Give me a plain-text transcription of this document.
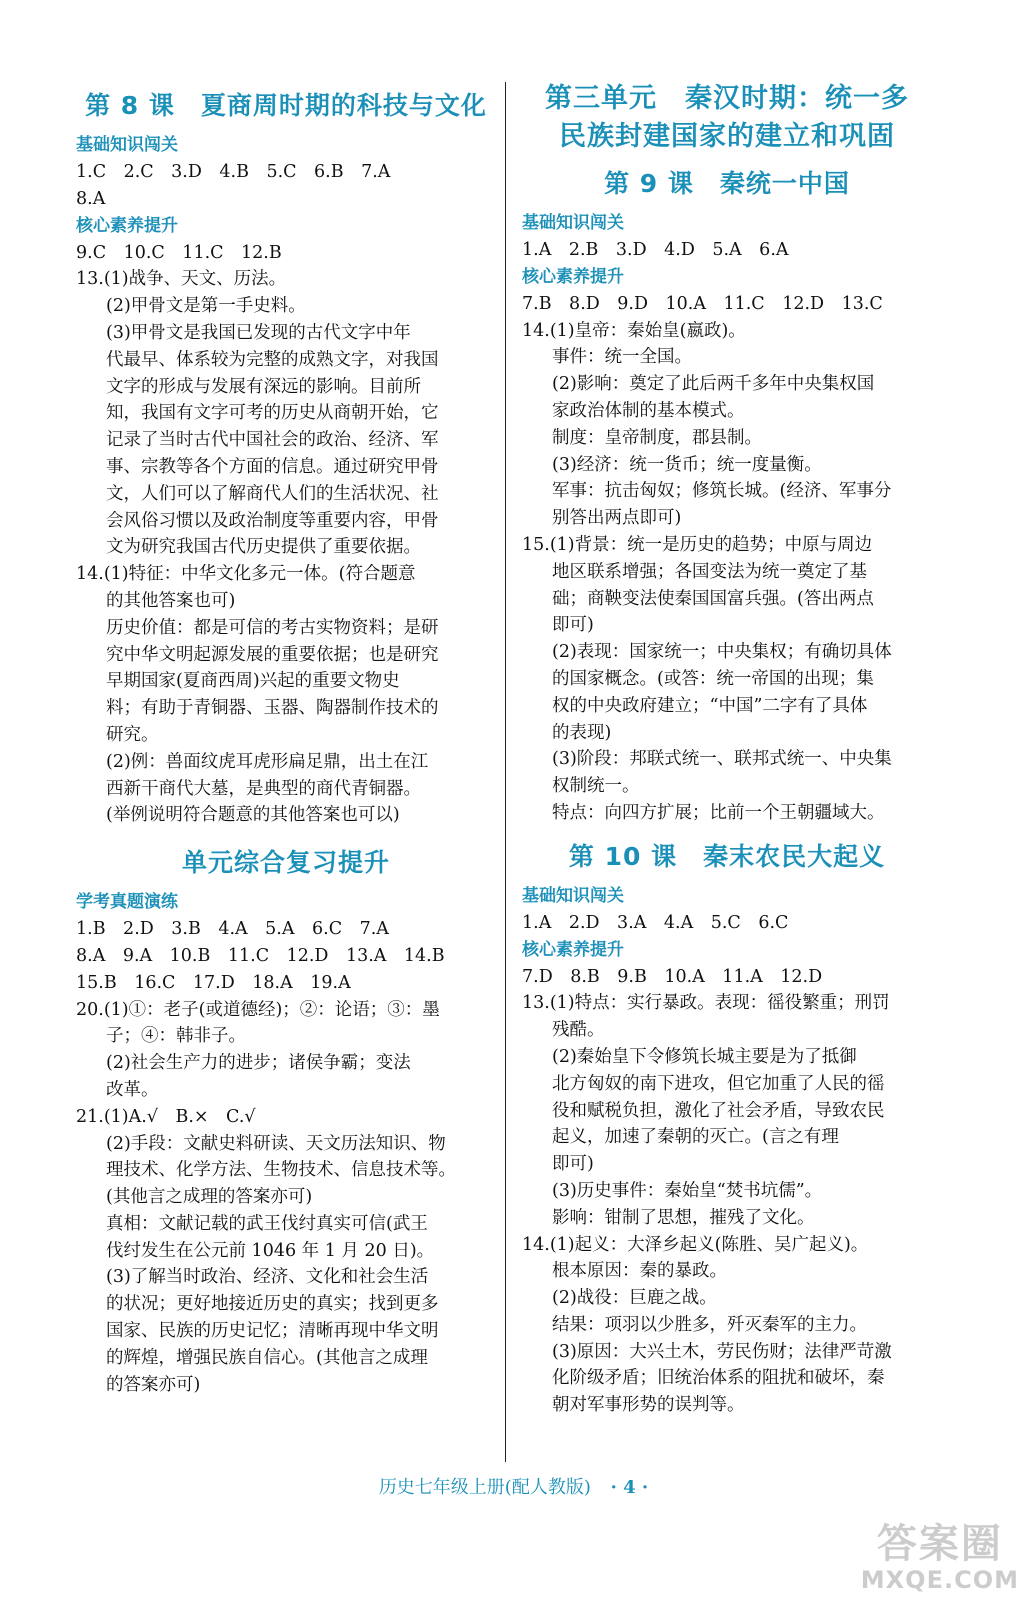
第 8 课　夏商周时期的科技与文化
基础知识闯关
1.C　2.C　3.D　4.B　5.C　6.B　7.A
8.A
核心素养提升
9.C　10.C　11.C　12.B
13.(1)战争、天文、历法。
(2)甲骨文是第一手史料。
(3)甲骨文是我国已发现的古代文字中年
代最早、体系较为完整的成熟文字，对我国
文字的形成与发展有深远的影响。目前所
知，我国有文字可考的历史从商朝开始，它
记录了当时古代中国社会的政治、经济、军
事、宗教等各个方面的信息。通过研究甲骨
文，人们可以了解商代人们的生活状况、社
会风俗习惯以及政治制度等重要内容，甲骨
文为研究我国古代历史提供了重要依据。
14.(1)特征：中华文化多元一体。(符合题意
的其他答案也可)
历史价值：都是可信的考古实物资料；是研
究中华文明起源发展的重要依据；也是研究
早期国家(夏商西周)兴起的重要文物史
料；有助于青铜器、玉器、陶器制作技术的
研究。
(2)例：兽面纹虎耳虎形扁足鼎，出土在江
西新干商代大墓，是典型的商代青铜器。
(举例说明符合题意的其他答案也可以)
单元综合复习提升
学考真题演练
1.B　2.D　3.B　4.A　5.A　6.C　7.A
8.A　9.A　10.B　11.C　12.D　13.A　14.B
15.B　16.C　17.D　18.A　19.A
20.(1)①：老子(或道德经)；②：论语；③：墨
子；④：韩非子。
(2)社会生产力的进步；诸侯争霸；变法
改革。
21.(1)A.√　B.×　C.√
(2)手段：文献史料研读、天文历法知识、物
理技术、化学方法、生物技术、信息技术等。
(其他言之成理的答案亦可)
真相：文献记载的武王伐纣真实可信(武王
伐纣发生在公元前 1046 年 1 月 20 日)。
(3)了解当时政治、经济、文化和社会生活
的状况；更好地接近历史的真实；找到更多
国家、民族的历史记忆；清晰再现中华文明
的辉煌，增强民族自信心。(其他言之成理
的答案亦可)
第三单元　秦汉时期：统一多
民族封建国家的建立和巩固
第 9 课　秦统一中国
基础知识闯关
1.A　2.B　3.D　4.D　5.A　6.A
核心素养提升
7.B　8.D　9.D　10.A　11.C　12.D　13.C
14.(1)皇帝：秦始皇(嬴政)。
事件：统一全国。
(2)影响：奠定了此后两千多年中央集权国
家政治体制的基本模式。
制度：皇帝制度，郡县制。
(3)经济：统一货币；统一度量衡。
军事：抗击匈奴；修筑长城。(经济、军事分
别答出两点即可)
15.(1)背景：统一是历史的趋势；中原与周边
地区联系增强；各国变法为统一奠定了基
础；商鞅变法使秦国国富兵强。(答出两点
即可)
(2)表现：国家统一；中央集权；有确切具体
的国家概念。(或答：统一帝国的出现；集
权的中央政府建立；“中国”二字有了具体
的表现)
(3)阶段：邦联式统一、联邦式统一、中央集
权制统一。
特点：向四方扩展；比前一个王朝疆域大。
第 10 课　秦末农民大起义
基础知识闯关
1.A　2.D　3.A　4.A　5.C　6.C
核心素养提升
7.D　8.B　9.B　10.A　11.A　12.D
13.(1)特点：实行暴政。表现：徭役繁重；刑罚
残酷。
(2)秦始皇下令修筑长城主要是为了抵御
北方匈奴的南下进攻，但它加重了人民的徭
役和赋税负担，激化了社会矛盾，导致农民
起义，加速了秦朝的灭亡。(言之有理
即可)
(3)历史事件：秦始皇“焚书坑儒”。
影响：钳制了思想，摧残了文化。
14.(1)起义：大泽乡起义(陈胜、吴广起义)。
根本原因：秦的暴政。
(2)战役：巨鹿之战。
结果：项羽以少胜多，歼灭秦军的主力。
(3)原因：大兴土木，劳民伤财；法律严苛激
化阶级矛盾；旧统治体系的阻扰和破坏，秦
朝对军事形势的误判等。
历史七年级上册(配人教版) · 4 ·
答案圈
MXQE.COM
